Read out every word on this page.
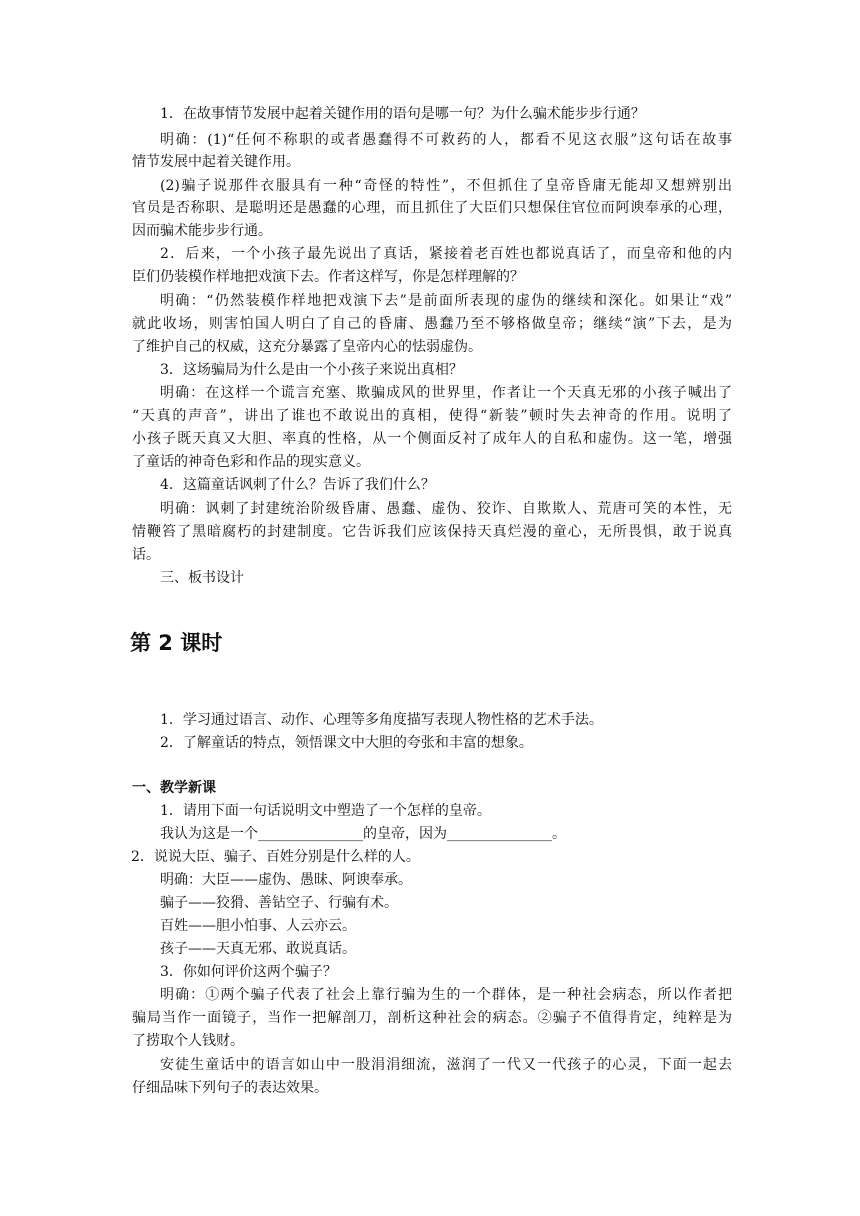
1．在故事情节发展中起着关键作用的语句是哪一句？为什么骗术能步步行通？
明确：(1)“任何不称职的或者愚蠢得不可救药的人，都看不见这衣服”这句话在故事
情节发展中起着关键作用。
(2)骗子说那件衣服具有一种“奇怪的特性”，不但抓住了皇帝昏庸无能却又想辨别出
官员是否称职、是聪明还是愚蠢的心理，而且抓住了大臣们只想保住官位而阿谀奉承的心理，
因而骗术能步步行通。
2．后来，一个小孩子最先说出了真话，紧接着老百姓也都说真话了，而皇帝和他的内
臣们仍装模作样地把戏演下去。作者这样写，你是怎样理解的？
明确：“仍然装模作样地把戏演下去”是前面所表现的虚伪的继续和深化。如果让“戏”
就此收场，则害怕国人明白了自己的昏庸、愚蠢乃至不够格做皇帝；继续“演”下去，是为
了维护自己的权威，这充分暴露了皇帝内心的怯弱虚伪。
3．这场骗局为什么是由一个小孩子来说出真相？
明确：在这样一个谎言充塞、欺骗成风的世界里，作者让一个天真无邪的小孩子喊出了
“天真的声音”，讲出了谁也不敢说出的真相，使得“新装”顿时失去神奇的作用。说明了
小孩子既天真又大胆、率真的性格，从一个侧面反衬了成年人的自私和虚伪。这一笔，增强
了童话的神奇色彩和作品的现实意义。
4．这篇童话讽刺了什么？告诉了我们什么？
明确：讽刺了封建统治阶级昏庸、愚蠢、虚伪、狡诈、自欺欺人、荒唐可笑的本性，无
情鞭笞了黑暗腐朽的封建制度。它告诉我们应该保持天真烂漫的童心，无所畏惧，敢于说真
话。
三、板书设计
第 2 课时
1．学习通过语言、动作、心理等多角度描写表现人物性格的艺术手法。
2．了解童话的特点，领悟课文中大胆的夸张和丰富的想象。
一、教学新课
1．请用下面一句话说明文中塑造了一个怎样的皇帝。
我认为这是一个_______________的皇帝，因为_______________。
2．说说大臣、骗子、百姓分别是什么样的人。
明确：大臣——虚伪、愚昧、阿谀奉承。
骗子——狡猾、善钻空子、行骗有术。
百姓——胆小怕事、人云亦云。
孩子——天真无邪、敢说真话。
3．你如何评价这两个骗子？
明确：①两个骗子代表了社会上靠行骗为生的一个群体，是一种社会病态，所以作者把
骗局当作一面镜子，当作一把解剖刀，剖析这种社会的病态。②骗子不值得肯定，纯粹是为
了捞取个人钱财。
安徒生童话中的语言如山中一股涓涓细流，滋润了一代又一代孩子的心灵，下面一起去
仔细品味下列句子的表达效果。
